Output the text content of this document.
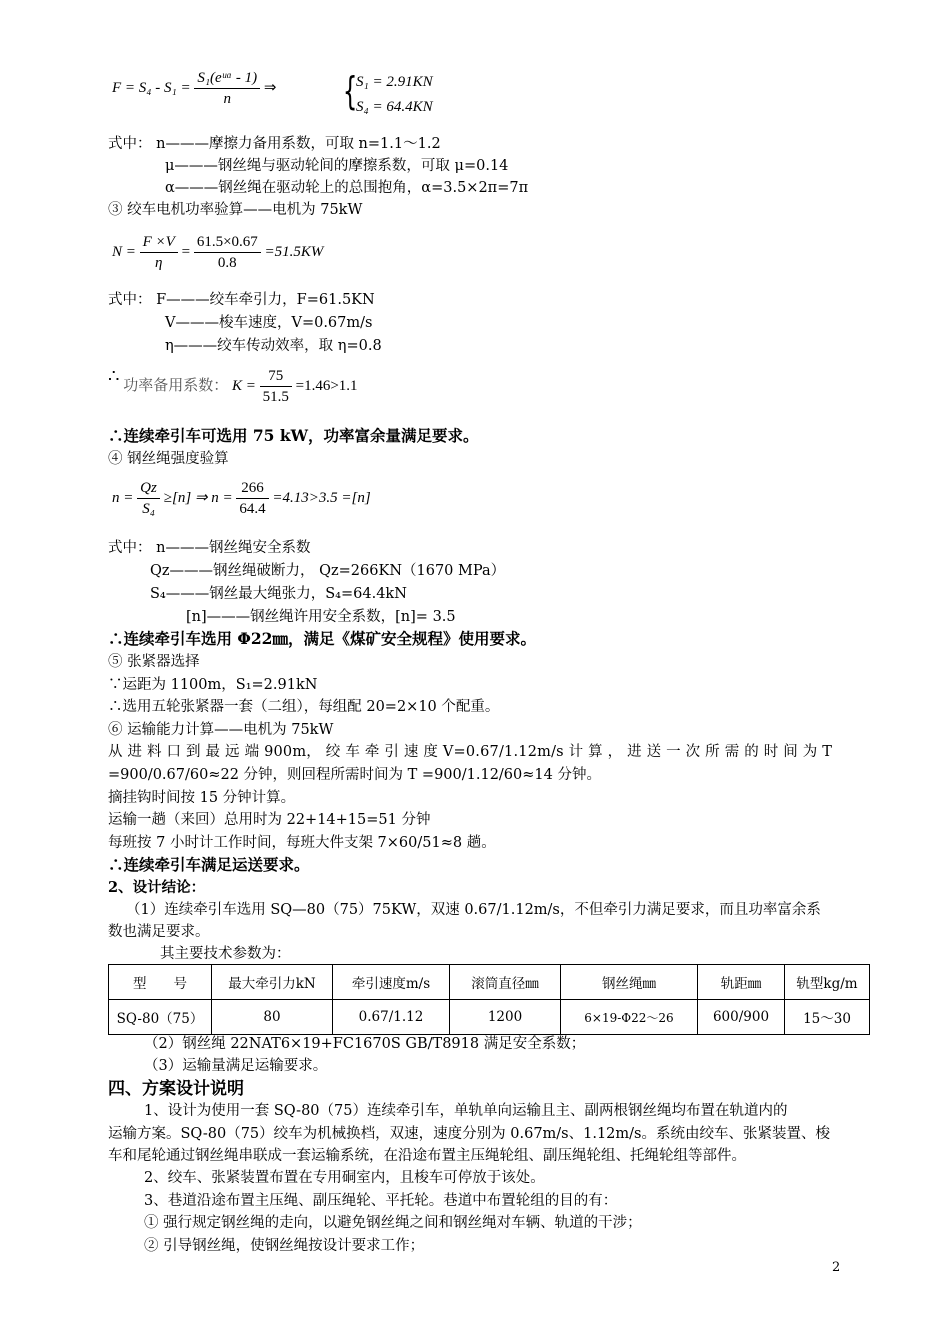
$F = S_4 - S_1 = \frac{\text{S₁(eᵘᵅ - 1)}}{n}$ ⇒ {
S₁ = 2.91KN
S₄ = 64.4KN
式中： n———摩擦力备用系数，可取 n=1.1～1.2
μ———钢丝绳与驱动轮间的摩擦系数，可取 μ=0.14
α———钢丝绳在驱动轮上的总围抱角，α=3.5×2π=7π
③ 绞车电机功率验算——电机为 75kW
$N = \frac{F \times V}{\eta} = \frac{61.5\times 0.67}{0.8} =51.5KW$
式中： F———绞车牵引力，F=61.5KN
V———梭车速度，V=0.67m/s
η———绞车传动效率，取 η=0.8
∴ 功率备用系数： $K = \frac{75}{51.5} =1.46>1.1$
∴连续牵引车可选用 75 kW，功率富余量满足要求。
④ 钢丝绳强度验算
$n = \frac{\text{Qᴢ}}{\text{S₄}} \ge[n]$ ⇒ $n = \frac{266}{64.4} =4.13>3.5 =[n]$
式中： n———钢丝绳安全系数
Qᴢ———钢丝绳破断力， Qᴢ=266KN（1670 MPa）
S₄———钢丝最大绳张力，S₄=64.4kN
[n]———钢丝绳许用安全系数，[n]= 3.5
∴连续牵引车选用 Φ22㎜，满足《煤矿安全规程》使用要求。
⑤ 张紧器选择
∵运距为 1100m，S₁=2.91kN
∴选用五轮张紧器一套（二组），每组配 20=2×10 个配重。
⑥ 运输能力计算——电机为 75kW
从 进 料 口 到 最 远 端 900m， 绞 车 牵 引 速 度 V=0.67/1.12m/s 计 算 ， 进 送 一 次 所 需 的 时 间 为 T
=900/0.67/60≈22 分钟，则回程所需时间为 T =900/1.12/60≈14 分钟。
摘挂钩时间按 15 分钟计算。
运输一趟（来回）总用时为 22+14+15=51 分钟
每班按 7 小时计工作时间，每班大件支架 7×60/51≈8 趟。
∴连续牵引车满足运送要求。
2、设计结论：
（1）连续牵引车选用 SQ—80（75）75KW，双速 0.67/1.12m/s，不但牵引力满足要求，而且功率富余系
数也满足要求。
其主要技术参数为：
型　　号	最大牵引力kN	牵引速度m/s	滚筒直径㎜	钢丝绳㎜	轨距㎜	轨型kg/m
SQ-80（75）	80	0.67/1.12	1200	6×19-Φ22～26	600/900	15～30
（2）钢丝绳 22NAT6×19+FC1670S GB/T8918 满足安全系数；
（3）运输量满足运输要求。
四、方案设计说明
1、设计为使用一套 SQ-80（75）连续牵引车，单轨单向运输且主、副两根钢丝绳均布置在轨道内的
运输方案。SQ-80（75）绞车为机械换档，双速，速度分别为 0.67m/s、1.12m/s。系统由绞车、张紧装置、梭
车和尾轮通过钢丝绳串联成一套运输系统，在沿途布置主压绳轮组、副压绳轮组、托绳轮组等部件。
2、绞车、张紧装置布置在专用硐室内，且梭车可停放于该处。
3、巷道沿途布置主压绳、副压绳轮、平托轮。巷道中布置轮组的目的有：
① 强行规定钢丝绳的走向，以避免钢丝绳之间和钢丝绳对车辆、轨道的干涉；
② 引导钢丝绳，使钢丝绳按设计要求工作；
2
